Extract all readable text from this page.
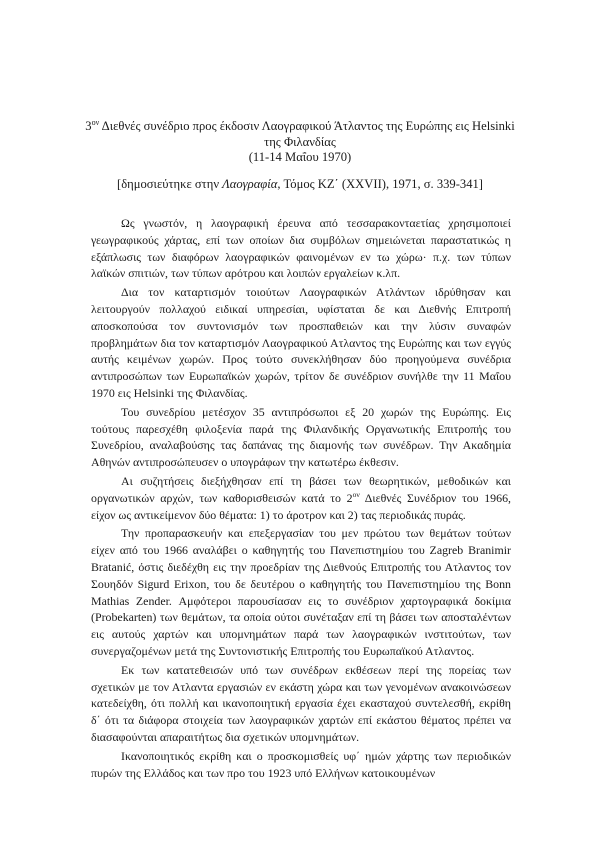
$3^{o\nu}$ Διεθνές συνέδριο προς έκδοσιν Λαογραφικού Άτλαντος της Ευρώπης εις Helsinki της Φιλανδίας
(11-14 Μαΐου 1970)
[δημοσιεύτηκε στην Λαογραφία, Τόμος ΚΖ΄ (XXVII), 1971, σ. 339-341]

Ως γνωστόν, η λαογραφική έρευνα από τεσσαρακονταετίας χρησιμοποιεί γεωγραφικούς χάρτας, επί των οποίων δια συμβόλων σημειώνεται παραστατικώς η εξάπλωσις των διαφόρων λαογραφικών φαινομένων εν τω χώρω· π.χ. των τύπων λαϊκών σπιτιών, των τύπων αρότρου και λοιπών εργαλείων κ.λπ.

Δια τον καταρτισμόν τοιούτων Λαογραφικών Ατλάντων ιδρύθησαν και λειτουργούν πολλαχού ειδικαί υπηρεσίαι, υφίσταται δε και Διεθνής Επιτροπή αποσκοπούσα τον συντονισμόν των προσπαθειών και την λύσιν συναφών προβλημάτων δια τον καταρτισμόν Λαογραφικού Ατλαντος της Ευρώπης και των εγγύς αυτής κειμένων χωρών. Προς τούτο συνεκλήθησαν δύο προηγούμενα συνέδρια αντιπροσώπων των Ευρωπαϊκών χωρών, τρίτον δε συνέδριον συνήλθε την 11 Μαΐου 1970 εις Helsinki της Φιλανδίας.

Του συνεδρίου μετέσχον 35 αντιπρόσωποι εξ 20 χωρών της Ευρώπης. Εις τούτους παρεσχέθη φιλοξενία παρά της Φιλανδικής Οργανωτικής Επιτροπής του Συνεδρίου, αναλαβούσης τας δαπάνας της διαμονής των συνέδρων. Την Ακαδημία Αθηνών αντιπροσώπευσεν ο υπογράφων την κατωτέρω έκθεσιν.

Αι συζητήσεις διεξήχθησαν επί τη βάσει των θεωρητικών, μεθοδικών και οργανωτικών αρχών, των καθορισθεισών κατά το $2^{o\nu}$ Διεθνές Συνέδριον του 1966, είχον ως αντικείμενον δύο θέματα: 1) το άροτρον και 2) τας περιοδικάς πυράς.

Την προπαρασκευήν και επεξεργασίαν του μεν πρώτου των θεμάτων τούτων είχεν από του 1966 αναλάβει ο καθηγητής του Πανεπιστημίου του Zagreb Branimir Bratanić, όστις διεδέχθη εις την προεδρίαν της Διεθνούς Επιτροπής του Ατλαντος τον Σουηδόν Sigurd Erixon, του δε δευτέρου ο καθηγητής του Πανεπιστημίου της Bonn Mathias Zender. Αμφότεροι παρουσίασαν εις το συνέδριον χαρτογραφικά δοκίμια (Probekarten) των θεμάτων, τα οποία ούτοι συνέταξαν επί τη βάσει των αποσταλέντων εις αυτούς χαρτών και υπομνημάτων παρά των λαογραφικών ινστιτούτων, των συνεργαζομένων μετά της Συντονιστικής Επιτροπής του Ευρωπαϊκού Ατλαντος.

Εκ των κατατεθεισών υπό των συνέδρων εκθέσεων περί της πορείας των σχετικών με τον Ατλαντα εργασιών εν εκάστη χώρα και των γενομένων ανακοινώσεων κατεδείχθη, ότι πολλή και ικανοποιητική εργασία έχει εκασταχού συντελεσθή, εκρίθη δ΄ ότι τα διάφορα στοιχεία των λαογραφικών χαρτών επί εκάστου θέματος πρέπει να διασαφούνται απαραιτήτως δια σχετικών υπομνημάτων.

Ικανοποιητικός εκρίθη και ο προσκομισθείς υφ΄ ημών χάρτης των περιοδικών πυρών της Ελλάδος και των προ του 1923 υπό Ελλήνων κατοικουμένων
